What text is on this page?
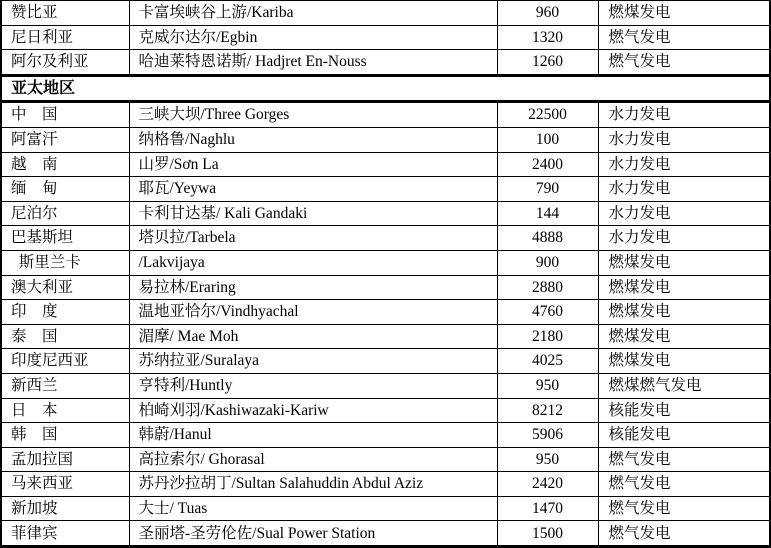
赞比亚	卡富埃峡谷上游/Kariba	960	燃煤发电
尼日利亚	克威尔达尔/Egbin	1320	燃气发电
阿尔及利亚	哈迪莱特恩诺斯/ Hadjret En-Nouss	1260	燃气发电
亚太地区			
中　国	三峡大坝/Three Gorges	22500	水力发电
阿富汗	纳格鲁/Naghlu	100	水力发电
越　南	山罗/Sơn La	2400	水力发电
缅　甸	耶瓦/Yeywa	790	水力发电
尼泊尔	卡利甘达基/ Kali Gandaki	144	水力发电
巴基斯坦	塔贝拉/Tarbela	4888	水力发电
 斯里兰卡	/Lakvijaya	900	燃煤发电
澳大利亚	易拉林/Eraring	2880	燃煤发电
印　度	温地亚恰尔/Vindhyachal	4760	燃煤发电
泰　国	湄摩/ Mae Moh	2180	燃煤发电
印度尼西亚	苏纳拉亚/Suralaya	4025	燃煤发电
新西兰	亨特利/Huntly	950	燃煤燃气发电
日　本	柏崎刈羽/Kashiwazaki-Kariw	8212	核能发电
韩　国	韩蔚/Hanul	5906	核能发电
孟加拉国	高拉索尔/ Ghorasal	950	燃气发电
马来西亚	苏丹沙拉胡丁/Sultan Salahuddin Abdul Aziz	2420	燃气发电
新加坡	大士/ Tuas	1470	燃气发电
菲律宾	圣丽塔-圣劳伦佐/Sual Power Station	1500	燃气发电
